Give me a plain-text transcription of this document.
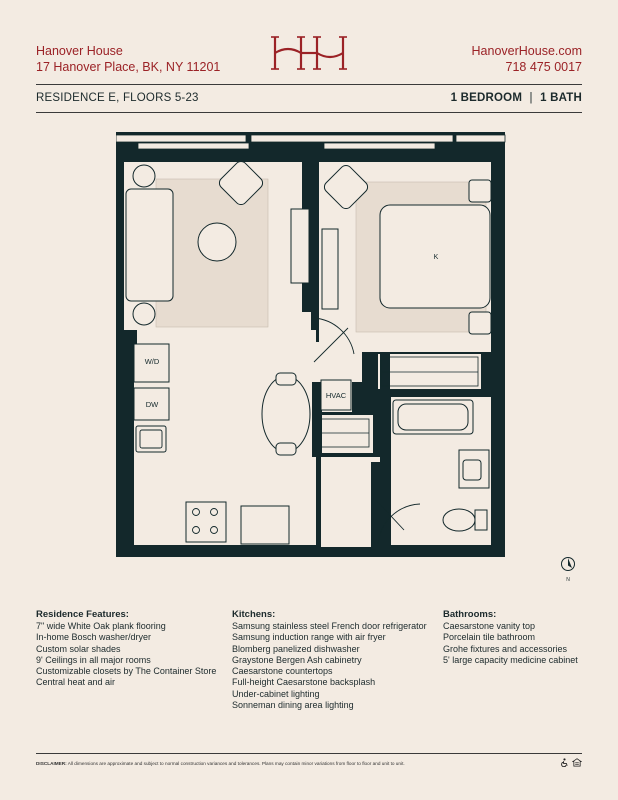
Hanover House
17 Hanover Place, BK, NY 11201
HanoverHouse.com
718 475 0017
RESIDENCE E, FLOORS 5-23	1 BEDROOM | 1 BATH
W/D
DW
HVAC
K
N
Residence Features:
7" wide White Oak plank flooring
In-home Bosch washer/dryer
Custom solar shades
9' Ceilings in all major rooms
Customizable closets by The Container Store
Central heat and air
Kitchens:
Samsung stainless steel French door refrigerator
Samsung induction range with air fryer
Blomberg panelized dishwasher
Graystone Bergen Ash cabinetry
Caesarstone countertops
Full-height Caesarstone backsplash
Under-cabinet lighting
Sonneman dining area lighting
Bathrooms:
Caesarstone vanity top
Porcelain tile bathroom
Grohe fixtures and accessories
5' large capacity medicine cabinet
DISCLAIMER: All dimensions are approximate and subject to normal construction variances and tolerances. Plans may contain minor variations from floor to floor and unit to unit.
